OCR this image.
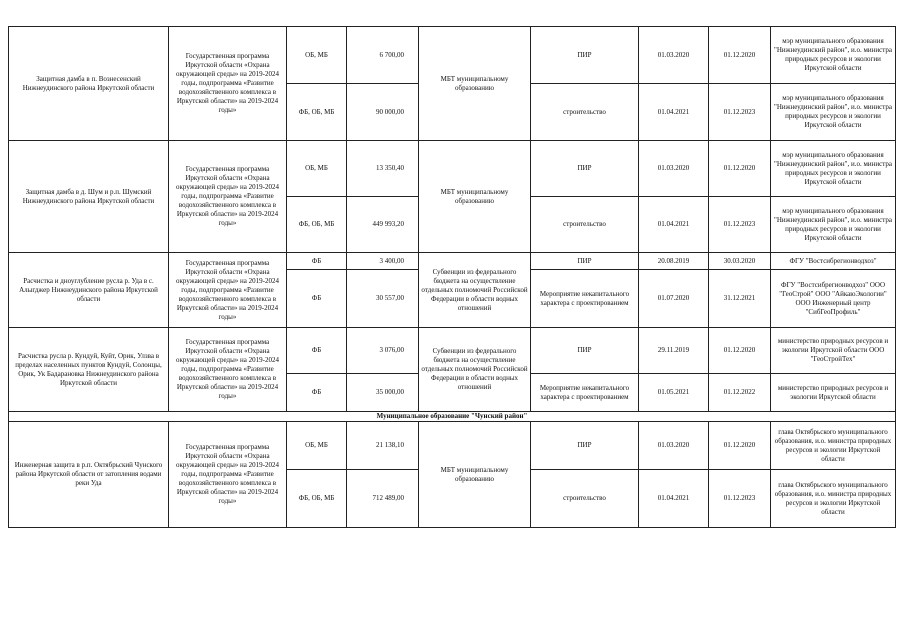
Защитная дамба в п. Вознесенский Нижнеудинского района Иркутской области	Государственная программа Иркутской области «Охрана окружающей среды» на 2019-2024 годы, подпрограмма «Развитие водохозяйственного комплекса в Иркутской области» на 2019-2024 годы»	ОБ, МБ	6 700,00	МБТ муниципальному образованию	ПИР	01.03.2020	01.12.2020	мэр муниципального образования "Нижнеудинский район", и.о. министра природных ресурсов и экологии Иркутской области
		ФБ, ОБ, МБ	90 000,00		строительство	01.04.2021	01.12.2023	мэр муниципального образования "Нижнеудинский район", и.о. министра природных ресурсов и экологии Иркутской области
Защитная дамба в д. Шум и р.п. Шумский Нижнеудинского района Иркутской области	Государственная программа Иркутской области «Охрана окружающей среды» на 2019-2024 годы, подпрограмма «Развитие водохозяйственного комплекса в Иркутской области» на 2019-2024 годы»	ОБ, МБ	13 350,40	МБТ муниципальному образованию	ПИР	01.03.2020	01.12.2020	мэр муниципального образования "Нижнеудинский район", и.о. министра природных ресурсов и экологии Иркутской области
		ФБ, ОБ, МБ	449 993,20		строительство	01.04.2021	01.12.2023	мэр муниципального образования "Нижнеудинский район", и.о. министра природных ресурсов и экологии Иркутской области
Расчистка и дноуглубление русла р. Уда в с. Алыгджер Нижнеудинского района Иркутской области	Государственная программа Иркутской области «Охрана окружающей среды» на 2019-2024 годы, подпрограмма «Развитие водохозяйственного комплекса в Иркутской области» на 2019-2024 годы»	ФБ	3 400,00	Субвенции из федерального бюджета на осуществление отдельных полномочий Российской Федерации в области водных отношений	ПИР	20.08.2019	30.03.2020	ФГУ "Востсибрегионводхоз"
		ФБ	30 557,00		Мероприятие некапитального характера с проектированием	01.07.2020	31.12.2021	ФГУ "Востсибрегионводхоз" ООО "ГеоСтрой" ООО "АйкаюЭкологии" ООО Инженерный центр "СибГеоПрофиль"
Расчистка русла р. Кундуй, Куйт, Орик, Улзва в пределах населенных пунктов Кундуй, Солонцы, Орик, Ук Бадарановка Нижнеудинского района Иркутской области	Государственная программа Иркутской области «Охрана окружающей среды» на 2019-2024 годы, подпрограмма «Развитие водохозяйственного комплекса в Иркутской области» на 2019-2024 годы»	ФБ	3 076,00	Субвенции из федерального бюджета на осуществление отдельных полномочий Российской Федерации в области водных отношений	ПИР	29.11.2019	01.12.2020	министерство природных ресурсов и экологии Иркутской области ООО "ГеоСтройТех"
		ФБ	35 000,00		Мероприятие некапитального характера с проектированием	01.05.2021	01.12.2022	министерство природных ресурсов и экологии Иркутской области
Муниципальное образование "Чунский район"								
Инженерная защита в р.п. Октябрьский Чунского района Иркутской области от затопления водами реки Уда	Государственная программа Иркутской области «Охрана окружающей среды» на 2019-2024 годы, подпрограмма «Развитие водохозяйственного комплекса в Иркутской области» на 2019-2024 годы»	ОБ, МБ	21 138,10	МБТ муниципальному образованию	ПИР	01.03.2020	01.12.2020	глава Октябрьского муниципального образования, и.о. министра природных ресурсов и экологии Иркутской области
		ФБ, ОБ, МБ	712 489,00		строительство	01.04.2021	01.12.2023	глава Октябрьского муниципального образования, и.о. министра природных ресурсов и экологии Иркутской области
